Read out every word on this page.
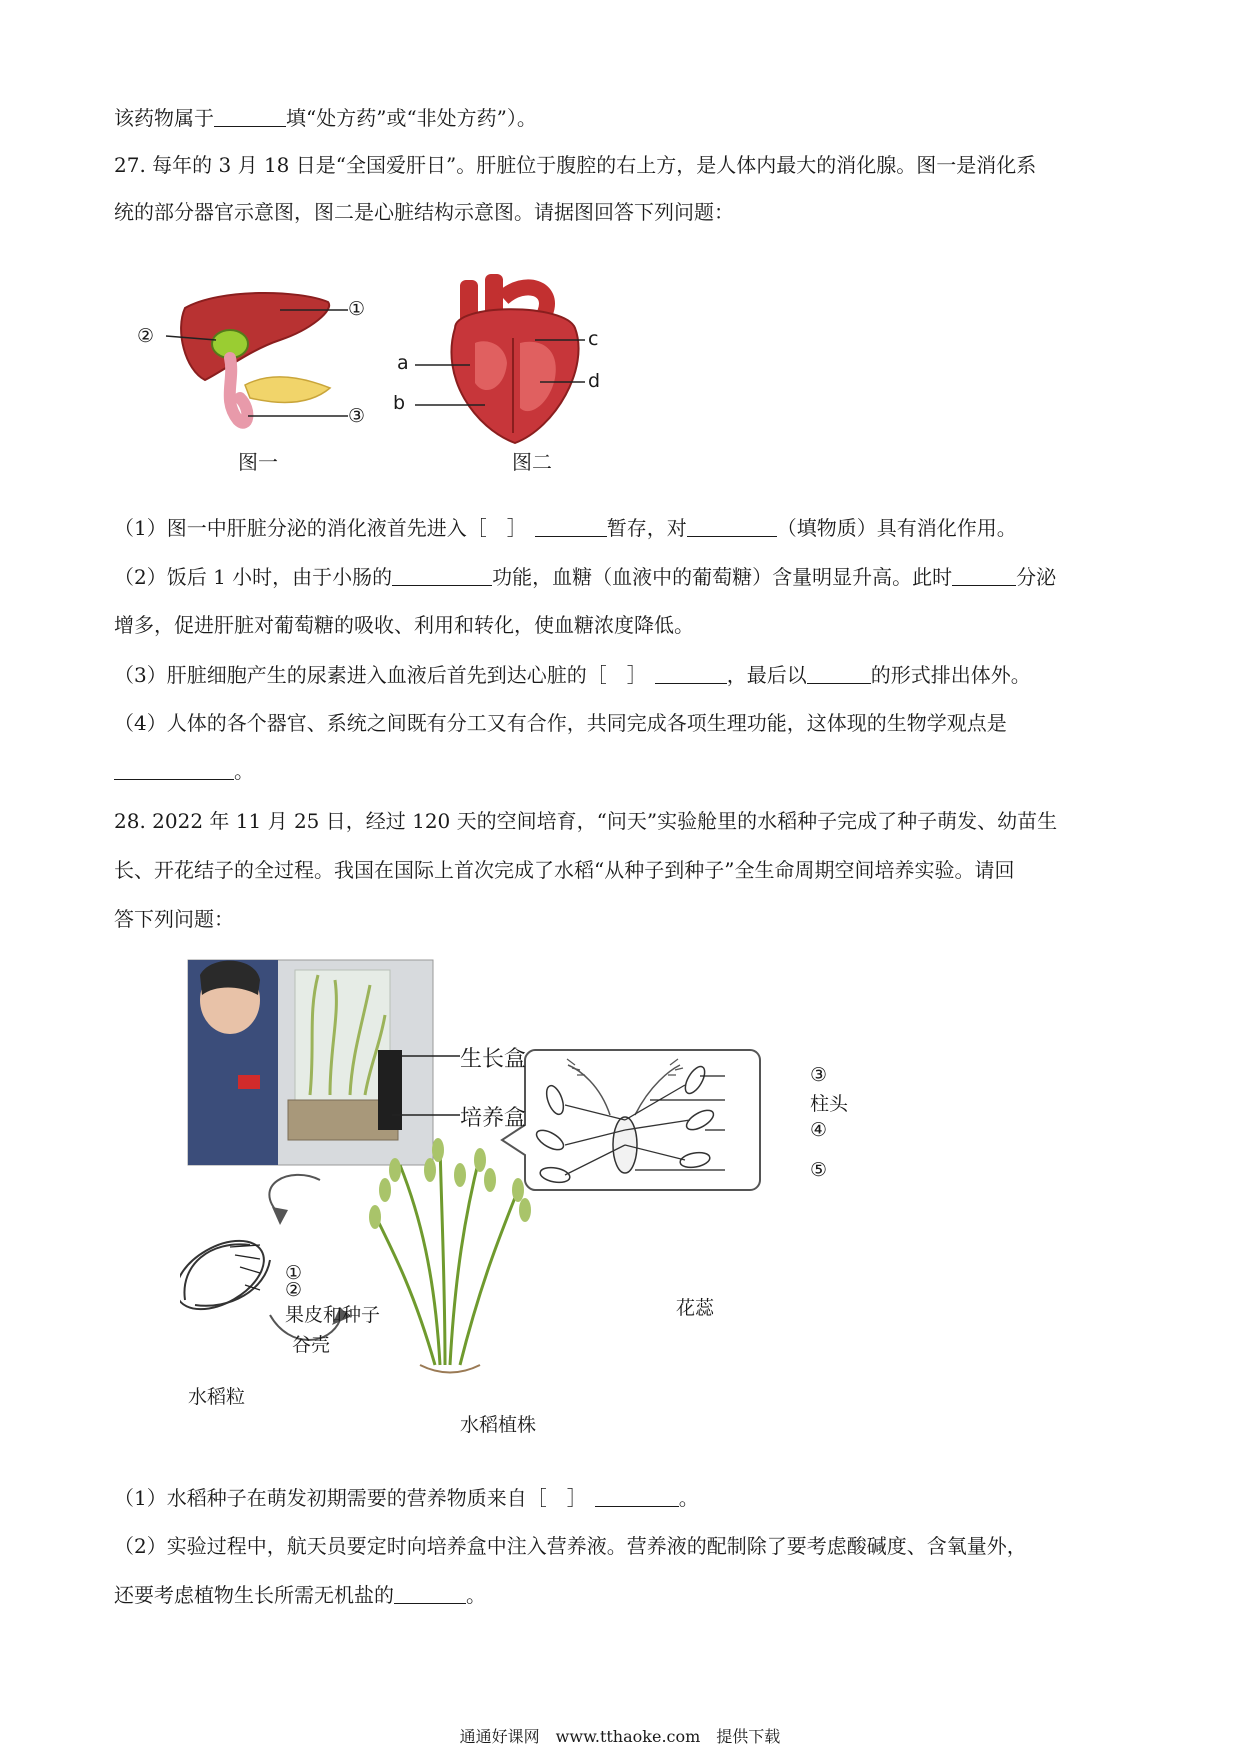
该药物属于	填“处方药”或“非处方药”）。
27. 每年的 3 月 18 日是“全国爱肝日”。肝脏位于腹腔的右上方，是人体内最大的消化腺。图一是消化系
统的部分器官示意图，图二是心脏结构示意图。请据图回答下列问题：
①
②
③
图一
a
b
c
d
图二
（1）图一中肝脏分泌的消化液首先进入［　］	暂存，对	（填物质）具有消化作用。
（2）饭后 1 小时，由于小肠的	功能，血糖（血液中的葡萄糖）含量明显升高。此时	分泌
增多，促进肝脏对葡萄糖的吸收、利用和转化，使血糖浓度降低。
（3）肝脏细胞产生的尿素进入血液后首先到达心脏的［　］	，最后以	的形式排出体外。
（4）人体的各个器官、系统之间既有分工又有合作，共同完成各项生理功能，这体现的生物学观点是
。
28. 2022 年 11 月 25 日，经过 120 天的空间培育，“问天”实验舱里的水稻种子完成了种子萌发、幼苗生
长、开花结子的全过程。我国在国际上首次完成了水稻“从种子到种子”全生命周期空间培养实验。请回
答下列问题：
生长盒
培养盒
①
②
果皮和种子
谷壳
水稻粒
水稻植株
③
柱头
④
⑤
花蕊
（1）水稻种子在萌发初期需要的营养物质来自［　］	。
（2）实验过程中，航天员要定时向培养盒中注入营养液。营养液的配制除了要考虑酸碱度、含氧量外，
还要考虑植物生长所需无机盐的	。
通通好课网　www.tthaoke.com　提供下载
